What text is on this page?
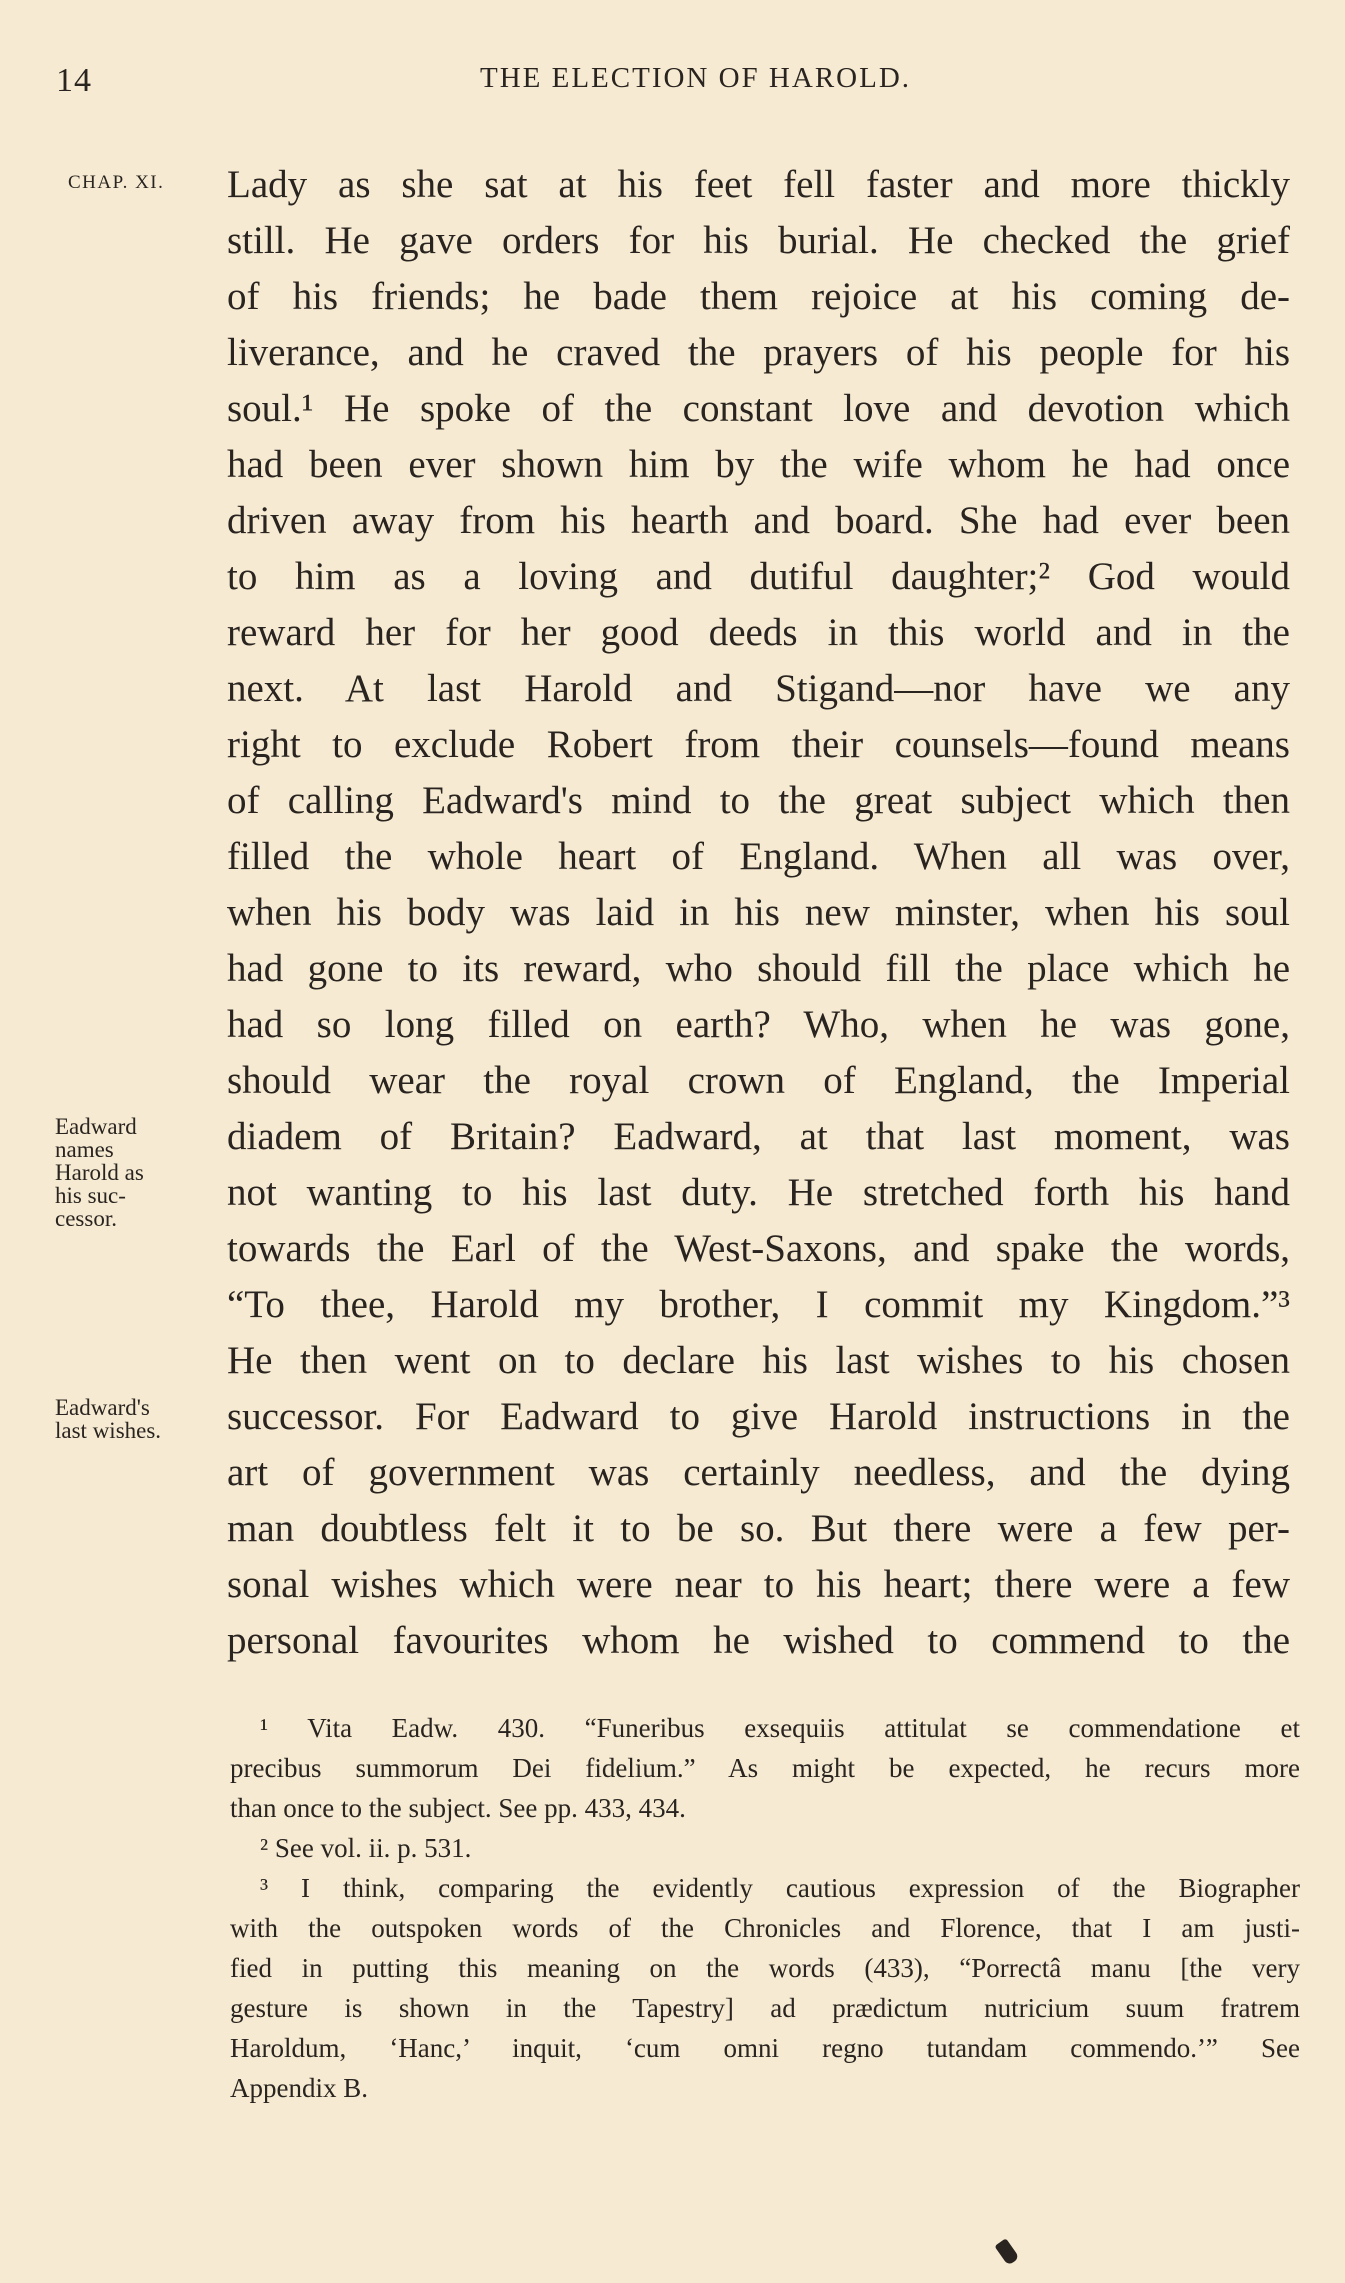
14	THE ELECTION OF HAROLD.
CHAP. XI.
Eadward
names
Harold as
his suc-
cessor.
Eadward's
last wishes.
Lady as she sat at his feet fell faster and more thickly
still. He gave orders for his burial. He checked the grief
of his friends; he bade them rejoice at his coming de-
liverance, and he craved the prayers of his people for his
soul.¹ He spoke of the constant love and devotion which
had been ever shown him by the wife whom he had once
driven away from his hearth and board. She had ever been
to him as a loving and dutiful daughter;² God would
reward her for her good deeds in this world and in the
next. At last Harold and Stigand—nor have we any
right to exclude Robert from their counsels—found means
of calling Eadward's mind to the great subject which then
filled the whole heart of England. When all was over,
when his body was laid in his new minster, when his soul
had gone to its reward, who should fill the place which he
had so long filled on earth? Who, when he was gone,
should wear the royal crown of England, the Imperial
diadem of Britain? Eadward, at that last moment, was
not wanting to his last duty. He stretched forth his hand
towards the Earl of the West-Saxons, and spake the words,
“To thee, Harold my brother, I commit my Kingdom.”³
He then went on to declare his last wishes to his chosen
successor. For Eadward to give Harold instructions in the
art of government was certainly needless, and the dying
man doubtless felt it to be so. But there were a few per-
sonal wishes which were near to his heart; there were a few
personal favourites whom he wished to commend to the
¹ Vita Eadw. 430. “Funeribus exsequiis attitulat se commendatione et
precibus summorum Dei fidelium.” As might be expected, he recurs more
than once to the subject. See pp. 433, 434.
² See vol. ii. p. 531.
³ I think, comparing the evidently cautious expression of the Biographer
with the outspoken words of the Chronicles and Florence, that I am justi-
fied in putting this meaning on the words (433), “Porrectâ manu [the very
gesture is shown in the Tapestry] ad prædictum nutricium suum fratrem
Haroldum, ‘Hanc,’ inquit, ‘cum omni regno tutandam commendo.’” See
Appendix B.
